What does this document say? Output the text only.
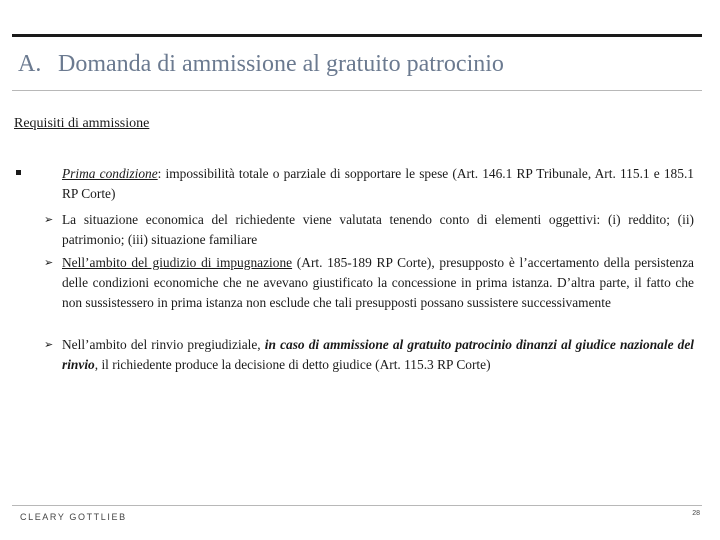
A. Domanda di ammissione al gratuito patrocinio
Requisiti di ammissione
Prima condizione: impossibilità totale o parziale di sopportare le spese (Art. 146.1 RP Tribunale, Art. 115.1 e 185.1 RP Corte)
➢ La situazione economica del richiedente viene valutata tenendo conto di elementi oggettivi: (i) reddito; (ii) patrimonio; (iii) situazione familiare
➢ Nell’ambito del giudizio di impugnazione (Art. 185-189 RP Corte), presupposto è l’accertamento della persistenza delle condizioni economiche che ne avevano giustificato la concessione in prima istanza. D’altra parte, il fatto che non sussistessero in prima istanza non esclude che tali presupposti possano sussistere successivamente
➢ Nell’ambito del rinvio pregiudiziale, in caso di ammissione al gratuito patrocinio dinanzi al giudice nazionale del rinvio, il richiedente produce la decisione di detto giudice (Art. 115.3 RP Corte)
CLEARY GOTTLIEB	28
